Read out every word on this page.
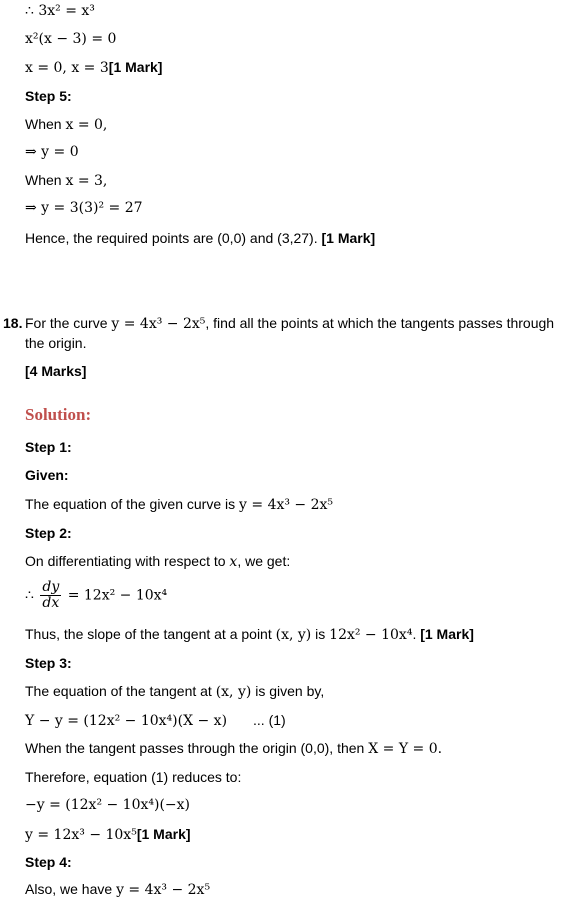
∴ 3x² = x³
x²(x − 3) = 0
x = 0, x = 3[1 Mark]
Step 5:
When x = 0,
⇒ y = 0
When x = 3,
⇒ y = 3(3)² = 27
Hence, the required points are (0,0) and (3,27). [1 Mark]
18. For the curve y = 4x³ − 2x⁵, find all the points at which the tangents passes through the origin.
[4 Marks]
Solution:
Step 1:
Given:
The equation of the given curve is y = 4x³ − 2x⁵
Step 2:
On differentiating with respect to x, we get:
∴ $\frac{dy}{dx} = 12x^2 - 10x^4$
Thus, the slope of the tangent at a point (x, y) is 12x² − 10x⁴. [1 Mark]
Step 3:
The equation of the tangent at (x, y) is given by,
Y − y = (12x² − 10x⁴)(X − x) ... (1)
When the tangent passes through the origin (0,0), then X = Y = 0.
Therefore, equation (1) reduces to:
−y = (12x² − 10x⁴)(−x)
y = 12x³ − 10x⁵[1 Mark]
Step 4:
Also, we have y = 4x³ − 2x⁵
